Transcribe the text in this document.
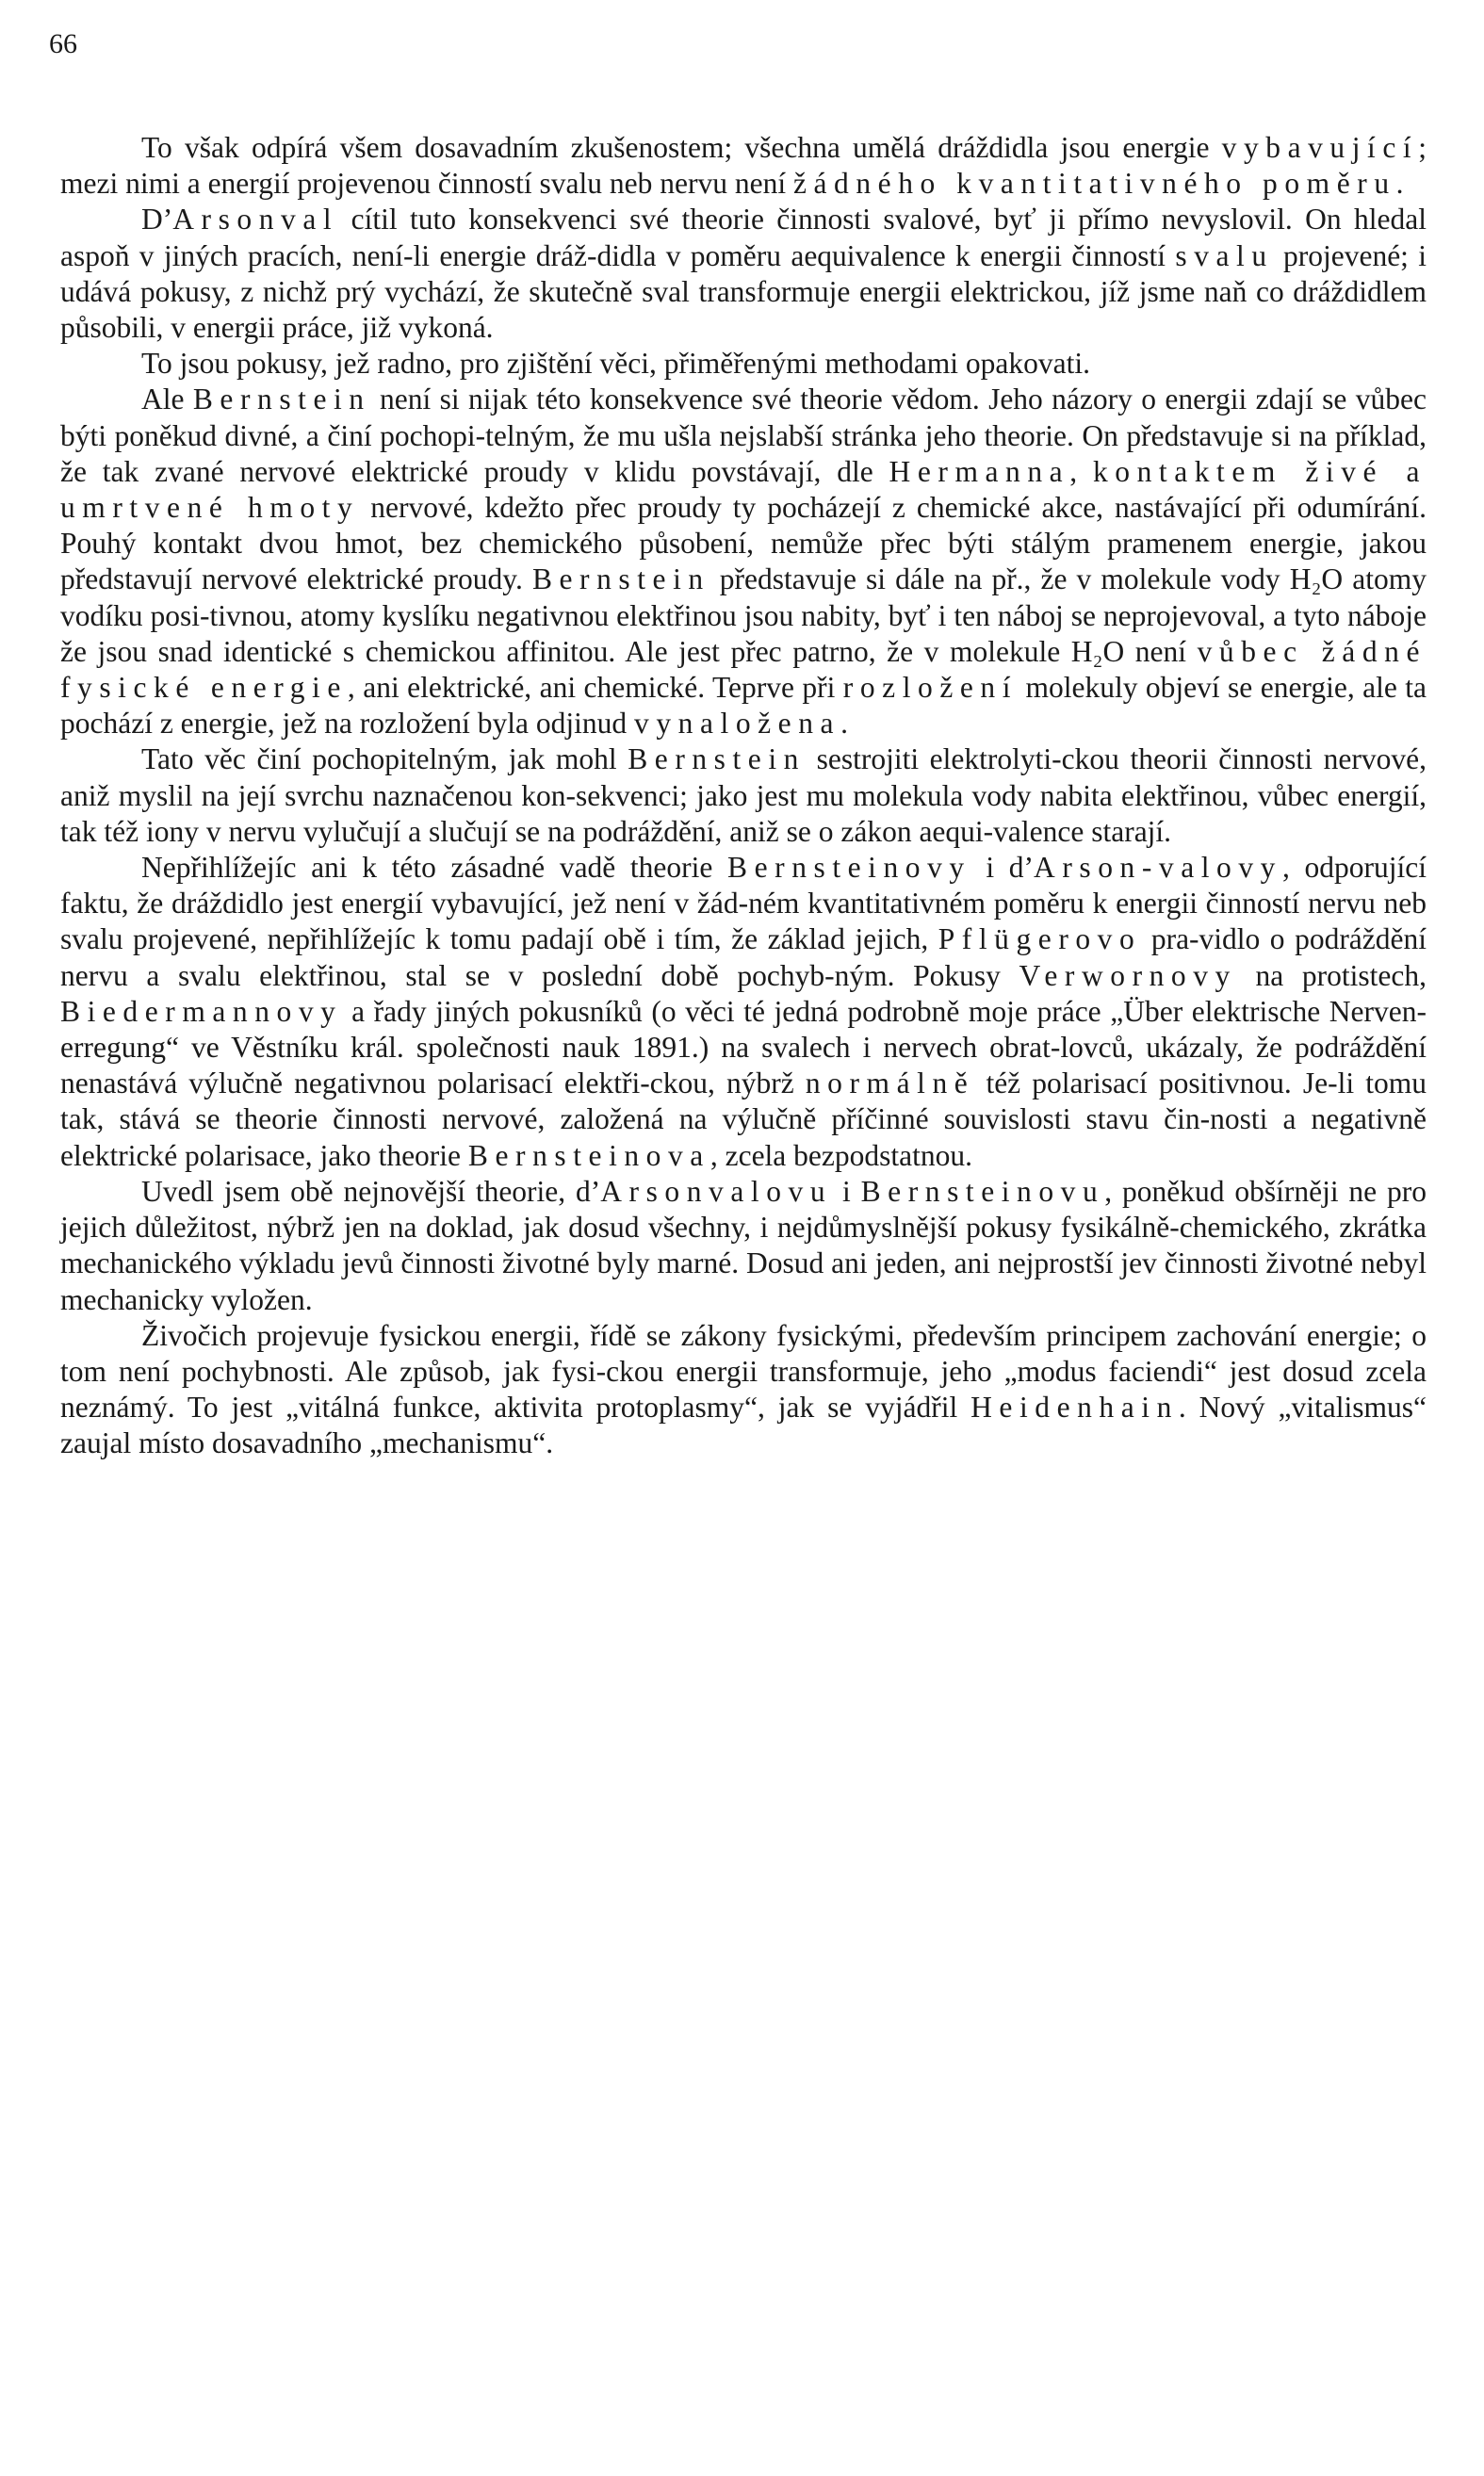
66

To však odpírá všem dosavadním zkušenostem; všechna umělá dráždidla jsou energie vybavující; mezi nimi a energií projevenou činností svalu neb nervu není žádného kvantitativného poměru.

D’Arsonval cítil tuto konsekvenci své theorie činnosti svalové, byť ji přímo nevyslovil. On hledal aspoň v jiných pracích, není-li energie dráž-didla v poměru aequivalence k energii činností svalu projevené; i udává pokusy, z nichž prý vychází, že skutečně sval transformuje energii elektrickou, jíž jsme naň co dráždidlem působili, v energii práce, již vykoná.

To jsou pokusy, jež radno, pro zjištění věci, přiměřenými methodami opakovati.

Ale Bernstein není si nijak této konsekvence své theorie vědom. Jeho názory o energii zdají se vůbec býti poněkud divné, a činí pochopi-telným, že mu ušla nejslabší stránka jeho theorie. On představuje si na příklad, že tak zvané nervové elektrické proudy v klidu povstávají, dle Hermanna, kontaktem živé a umrtvené hmoty nervové, kdežto přec proudy ty pocházejí z chemické akce, nastávající při odumírání. Pouhý kontakt dvou hmot, bez chemického působení, nemůže přec býti stálým pramenem energie, jakou představují nervové elektrické proudy. Bernstein představuje si dále na př., že v molekule vody H₂O atomy vodíku posi-tivnou, atomy kyslíku negativnou elektřinou jsou nabity, byť i ten náboj se neprojevoval, a tyto náboje že jsou snad identické s chemickou affinitou. Ale jest přec patrno, že v molekule H₂O není vůbec žádné fysické energie, ani elektrické, ani chemické. Teprve při rozložení molekuly objeví se energie, ale ta pochází z energie, jež na rozložení byla odjinud vynaložena.

Tato věc činí pochopitelným, jak mohl Bernstein sestrojiti elektrolyti-ckou theorii činnosti nervové, aniž myslil na její svrchu naznačenou kon-sekvenci; jako jest mu molekula vody nabita elektřinou, vůbec energií, tak též iony v nervu vylučují a slučují se na podráždění, aniž se o zákon aequi-valence starají.

Nepřihlížejíc ani k této zásadné vadě theorie Bernsteinovy i d’Arson-valovy, odporující faktu, že dráždidlo jest energií vybavující, jež není v žád-ném kvantitativném poměru k energii činností nervu neb svalu projevené, nepřihlížejíc k tomu padají obě i tím, že základ jejich, Pflügerovo pra-vidlo o podráždění nervu a svalu elektřinou, stal se v poslední době pochyb-ným. Pokusy Verwornovy na protistech, Biedermannovy a řady jiných pokusníků (o věci té jedná podrobně moje práce „Über elektrische Nerven-erregung“ ve Věstníku král. společnosti nauk 1891.) na svalech i nervech obrat-lovců, ukázaly, že podráždění nenastává výlučně negativnou polarisací elektři-ckou, nýbrž normálně též polarisací positivnou. Je-li tomu tak, stává se theorie činnosti nervové, založená na výlučně příčinné souvislosti stavu čin-nosti a negativně elektrické polarisace, jako theorie Bernsteinova, zcela bezpodstatnou.

Uvedl jsem obě nejnovější theorie, d’Arsonvalovu i Bernsteinovu, poněkud obšírněji ne pro jejich důležitost, nýbrž jen na doklad, jak dosud všechny, i nejdůmyslnější pokusy fysikálně-chemického, zkrátka mechanického výkladu jevů činnosti životné byly marné. Dosud ani jeden, ani nejprostší jev činnosti životné nebyl mechanicky vyložen.

Živočich projevuje fysickou energii, řídě se zákony fysickými, především principem zachování energie; o tom není pochybnosti. Ale způsob, jak fysi-ckou energii transformuje, jeho „modus faciendi“ jest dosud zcela neznámý. To jest „vitálná funkce, aktivita protoplasmy“, jak se vyjádřil Heidenhain. Nový „vitalismus“ zaujal místo dosavadního „mechanismu“.
